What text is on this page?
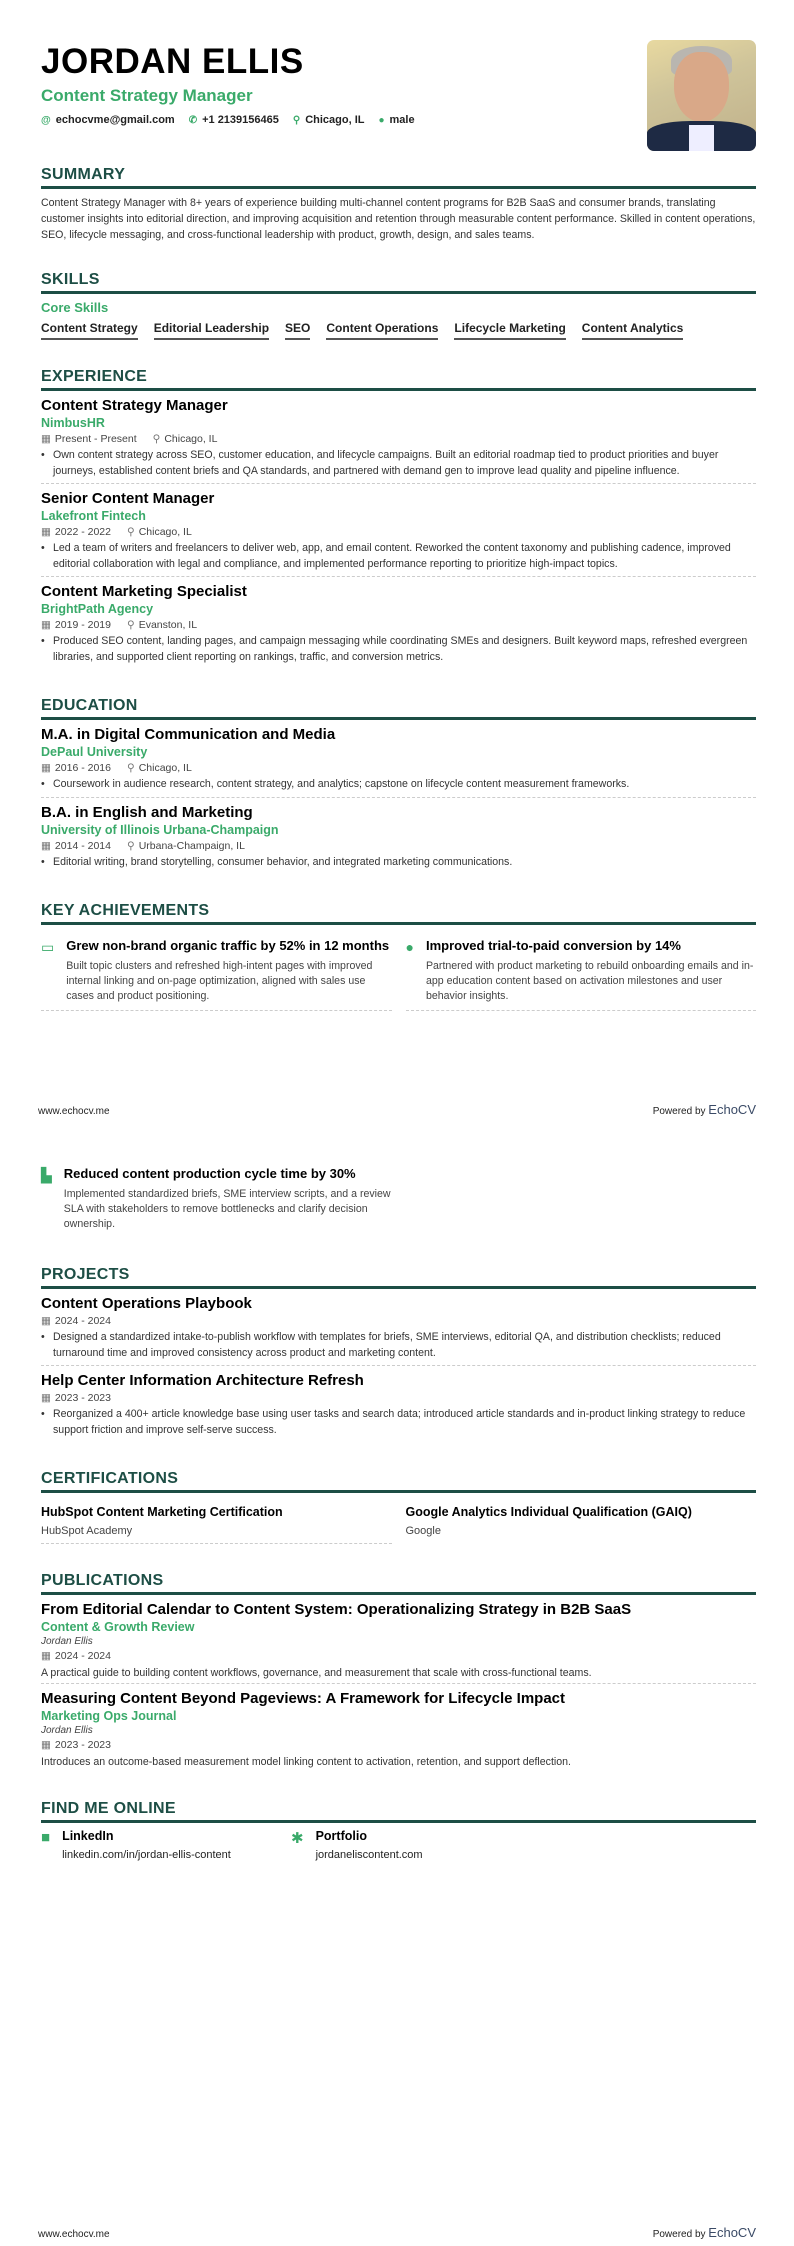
JORDAN ELLIS
Content Strategy Manager
@ echocvme@gmail.com ✆ +1 2139156465 ⚲ Chicago, IL ● male
SUMMARY

Content Strategy Manager with 8+ years of experience building multi-channel content programs for B2B SaaS and consumer brands, translating customer insights into editorial direction, and improving acquisition and retention through measurable content performance. Skilled in content operations, SEO, lifecycle messaging, and cross-functional leadership with product, growth, design, and sales teams.

SKILLS
Core Skills
Content Strategy Editorial Leadership SEO Content Operations Lifecycle Marketing Content Analytics
EXPERIENCE
Content Strategy Manager
NimbusHR
▦ Present - Present ⚲ Chicago, IL
• Own content strategy across SEO, customer education, and lifecycle campaigns. Built an editorial roadmap tied to product priorities and buyer journeys, established content briefs and QA standards, and partnered with demand gen to improve lead quality and pipeline influence.
Senior Content Manager
Lakefront Fintech
▦ 2022 - 2022 ⚲ Chicago, IL
• Led a team of writers and freelancers to deliver web, app, and email content. Reworked the content taxonomy and publishing cadence, improved editorial collaboration with legal and compliance, and implemented performance reporting to prioritize high-impact topics.
Content Marketing Specialist
BrightPath Agency
▦ 2019 - 2019 ⚲ Evanston, IL
• Produced SEO content, landing pages, and campaign messaging while coordinating SMEs and designers. Built keyword maps, refreshed evergreen libraries, and supported client reporting on rankings, traffic, and conversion metrics.
EDUCATION
M.A. in Digital Communication and Media
DePaul University
▦ 2016 - 2016 ⚲ Chicago, IL
• Coursework in audience research, content strategy, and analytics; capstone on lifecycle content measurement frameworks.
B.A. in English and Marketing
University of Illinois Urbana-Champaign
▦ 2014 - 2014 ⚲ Urbana-Champaign, IL
• Editorial writing, brand storytelling, consumer behavior, and integrated marketing communications.
KEY ACHIEVEMENTS
▭ Grew non-brand organic traffic by 52% in 12 months
Built topic clusters and refreshed high-intent pages with improved internal linking and on-page optimization, aligned with sales use cases and product positioning.
● Improved trial-to-paid conversion by 14%
Partnered with product marketing to rebuild onboarding emails and in-app education content based on activation milestones and user behavior insights.
www.echocv.me	Powered by EchoCV
▙ Reduced content production cycle time by 30%
Implemented standardized briefs, SME interview scripts, and a review SLA with stakeholders to remove bottlenecks and clarify decision ownership.
PROJECTS
Content Operations Playbook
▦ 2024 - 2024
• Designed a standardized intake-to-publish workflow with templates for briefs, SME interviews, editorial QA, and distribution checklists; reduced turnaround time and improved consistency across product and marketing content.
Help Center Information Architecture Refresh
▦ 2023 - 2023
• Reorganized a 400+ article knowledge base using user tasks and search data; introduced article standards and in-product linking strategy to reduce support friction and improve self-serve success.
CERTIFICATIONS
HubSpot Content Marketing Certification
HubSpot Academy
Google Analytics Individual Qualification (GAIQ)
Google
PUBLICATIONS
From Editorial Calendar to Content System: Operationalizing Strategy in B2B SaaS
Content & Growth Review
Jordan Ellis
▦ 2024 - 2024
A practical guide to building content workflows, governance, and measurement that scale with cross-functional teams.
Measuring Content Beyond Pageviews: A Framework for Lifecycle Impact
Marketing Ops Journal
Jordan Ellis
▦ 2023 - 2023
Introduces an outcome-based measurement model linking content to activation, retention, and support deflection.
FIND ME ONLINE
■ LinkedIn
linkedin.com/in/jordan-ellis-content
✱ Portfolio
jordaneliscontent.com
www.echocv.me	Powered by EchoCV
